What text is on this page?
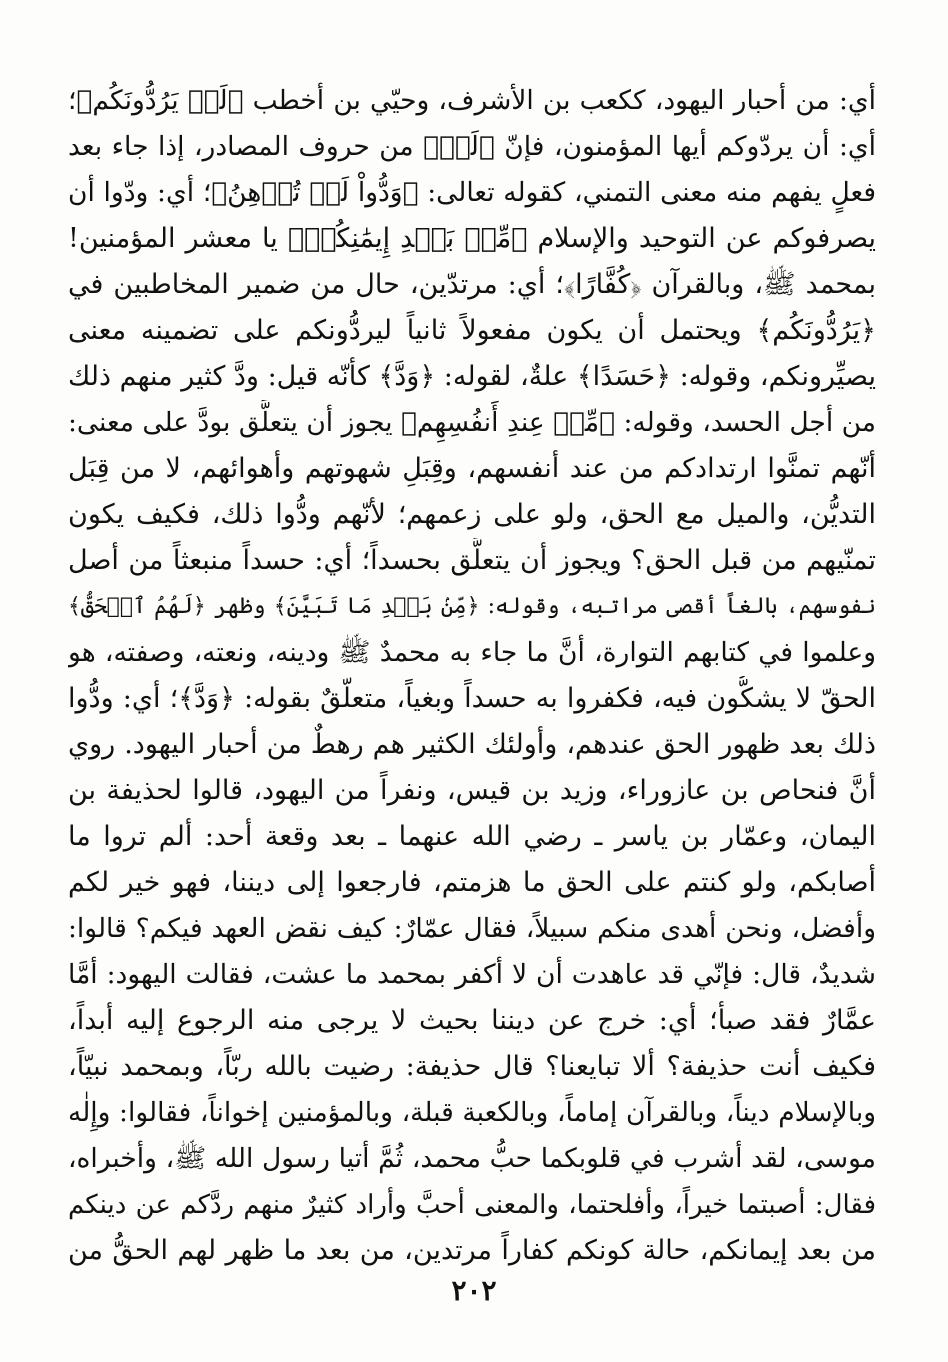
أي: من أحبار اليهود، ككعب بن الأشرف، وحيّي بن أخطب ﴿لَوۡ يَرُدُّونَكُم﴾؛
أي: أن يردّوكم أيها المؤمنون، فإنّ ﴿لَوۡ﴾ من حروف المصادر، إذا جاء بعد
فعلٍ يفهم منه معنى التمني، كقوله تعالى: ﴿وَدُّواْ لَوۡ تُدۡهِنُ﴾؛ أي: ودّوا أن
يصرفوكم عن التوحيد والإسلام ﴿مِّنۢ بَعۡدِ إِيمَٰنِكُمۡ﴾ يا معشر المؤمنين!
بمحمد ﷺ، وبالقرآن ﴿كُفَّارًا﴾؛ أي: مرتدّين، حال من ضمير المخاطبين في
﴿يَرُدُّونَكُم﴾ ويحتمل أن يكون مفعولاً ثانياً ليردُّونكم على تضمينه معنى
يصيِّرونكم، وقوله: ﴿حَسَدًا﴾ علةٌ، لقوله: ﴿وَدَّ﴾ كأنّه قيل: ودَّ كثير منهم ذلك
من أجل الحسد، وقوله: ﴿مِّنۡ عِندِ أَنفُسِهِم﴾ يجوز أن يتعلَّق بودَّ على معنى:
أنّهم تمنَّوا ارتدادكم من عند أنفسهم، وقِبَلِ شهوتهم وأهوائهم، لا من قِبَل
التديُّن، والميل مع الحق، ولو على زعمهم؛ لأنّهم ودُّوا ذلك، فكيف يكون
تمنّيهم من قبل الحق؟ ويجوز أن يتعلَّق بحسداً؛ أي: حسداً منبعثاً من أصل
نفوسهم، بالغاً أقصى مراتبه، وقوله: ﴿مِّنۢ بَعۡدِ مَا تَبَيَّنَ﴾ وظهر ﴿لَهُمُ ٱلۡحَقُّ﴾
وعلموا في كتابهم التوارة، أنَّ ما جاء به محمدٌ ﷺ ودينه، ونعته، وصفته، هو
الحقّ لا يشكُّون فيه، فكفروا به حسداً وبغياً، متعلّقٌ بقوله: ﴿وَدَّ﴾؛ أي: ودُّوا
ذلك بعد ظهور الحق عندهم، وأولئك الكثير هم رهطٌ من أحبار اليهود. روي
أنَّ فنحاص بن عازوراء، وزيد بن قيس، ونفراً من اليهود، قالوا لحذيفة بن
اليمان، وعمّار بن ياسر ـ رضي الله عنهما ـ بعد وقعة أحد: ألم تروا ما
أصابكم، ولو كنتم على الحق ما هزمتم، فارجعوا إلى ديننا، فهو خير لكم
وأفضل، ونحن أهدى منكم سبيلاً، فقال عمّارٌ: كيف نقض العهد فيكم؟ قالوا:
شديدٌ، قال: فإنّي قد عاهدت أن لا أكفر بمحمد ما عشت، فقالت اليهود: أمَّا
عمَّارٌ فقد صبأ؛ أي: خرج عن ديننا بحيث لا يرجى منه الرجوع إليه أبداً،
فكيف أنت حذيفة؟ ألا تبايعنا؟ قال حذيفة: رضيت بالله ربّاً، وبمحمد نبيّاً،
وبالإسلام ديناً، وبالقرآن إماماً، وبالكعبة قبلة، وبالمؤمنين إخواناً، فقالوا: وإِلٰه
موسى، لقد أشرب في قلوبكما حبُّ محمد، ثُمَّ أتيا رسول الله ﷺ، وأخبراه،
فقال: أصبتما خيراً، وأفلحتما، والمعنى أحبَّ وأراد كثيرٌ منهم ردَّكم عن دينكم
من بعد إيمانكم، حالة كونكم كفاراً مرتدين، من بعد ما ظهر لهم الحقُّ من
٢٠٢
